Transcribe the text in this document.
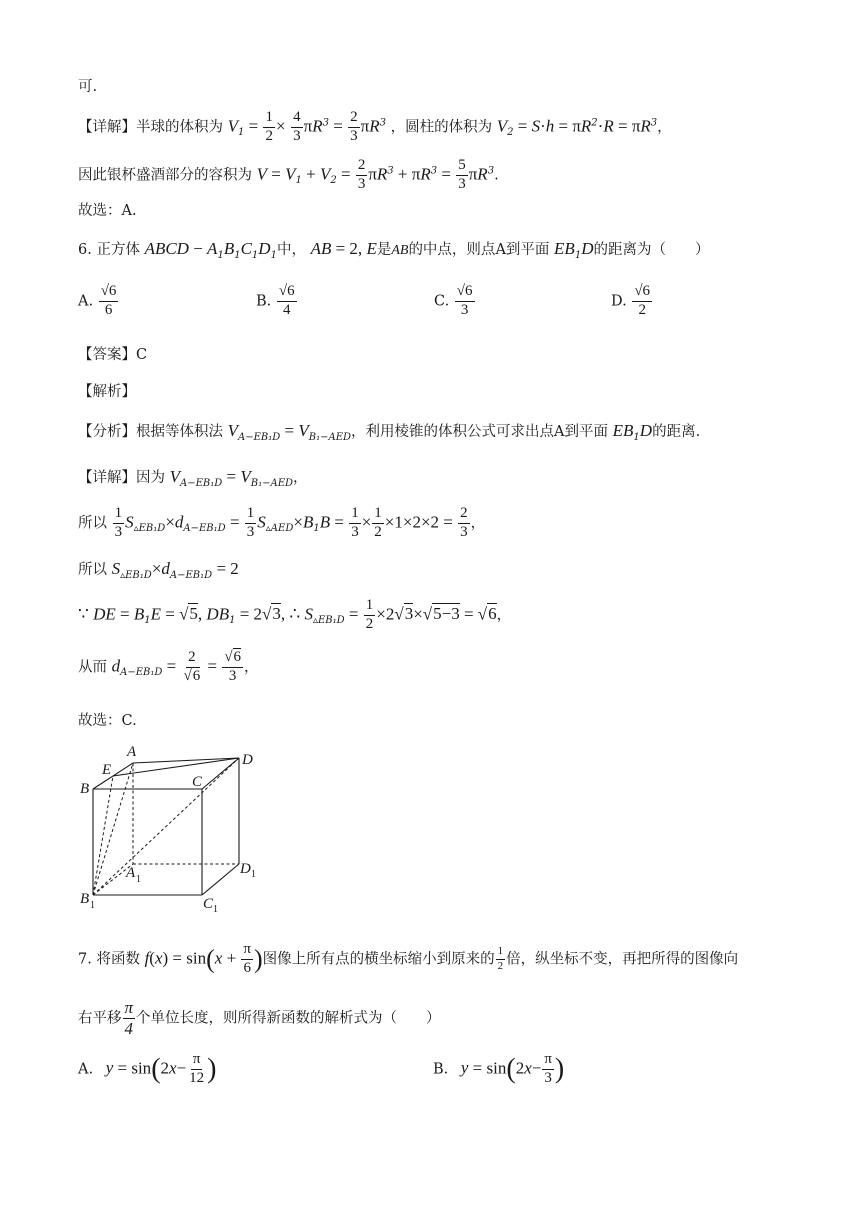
可.
【详解】半球的体积为 $V_1 = \frac{1}{2} \times \frac{4}{3} \pi R^3 = \frac{2}{3} \pi R^3$ ，圆柱的体积为 $V_2 = S\cdot h = \pi R^2\cdot R = \pi R^3$，
因此银杯盛酒部分的容积为 $V = V_1 + V_2 = \frac{2}{3} \pi R^3 + \pi R^3 = \frac{5}{3} \pi R^3$.
故选：A.
6. 正方体 ABCD − $A_1B_1C_1D_1$中， AB = 2, E是AB的中点，则点A到平面 $EB_1D$的距离为（　　）
A. $\frac{√6}{6}$	B. $\frac{√6}{4}$	C. $\frac{√6}{3}$	D. $\frac{√6}{2}$
【答案】C
【解析】
【分析】根据等体积法 $V_{A-EB_1D} = V_{B_1-AED}$，利用棱锥的体积公式可求出点A到平面 $EB_1D$的距离.
【详解】因为 $V_{A-EB_1D} = V_{B_1-AED}$，
所以 $\frac{1}{3} S_{▵EB_1D}\times d_{A-EB_1D} = \frac{1}{3} S_{▵AED}\times B_1B = \frac{1}{3} \times \frac{1}{2} \times 1\times 2\times 2 = \frac{2}{3}$ ，
所以 $S_{▵EB_1D}\times d_{A-EB_1D} = 2$
∵ DE = $B_1E = √5$, $DB_1 = 2√3$, ∴ $S_{▵EB_1D} = \frac{1}{2} \times 2√3\times√5-3 = √6$，
从而 $d_{A-EB_1D} = \frac{2}{√6} = \frac{√6}{3}$ ，
故选：C.
A	D
E
B	C
A 1
D 1
B 1	C 1
7. 将函数 $f(x) = \sin(x + \frac{\pi}{6}$ )图像上所有点的横坐标缩小到原来的 $\frac{1}{2}$ 倍，纵坐标不变，再把所得的图像向
右平移 $\frac{\pi}{4}$ 个单位长度，则所得新函数的解析式为（　　）
A. $y = \sin(2x- \frac{\pi}{12}$ )	B. $y = \sin(2x- \frac{\pi}{3}$ )
